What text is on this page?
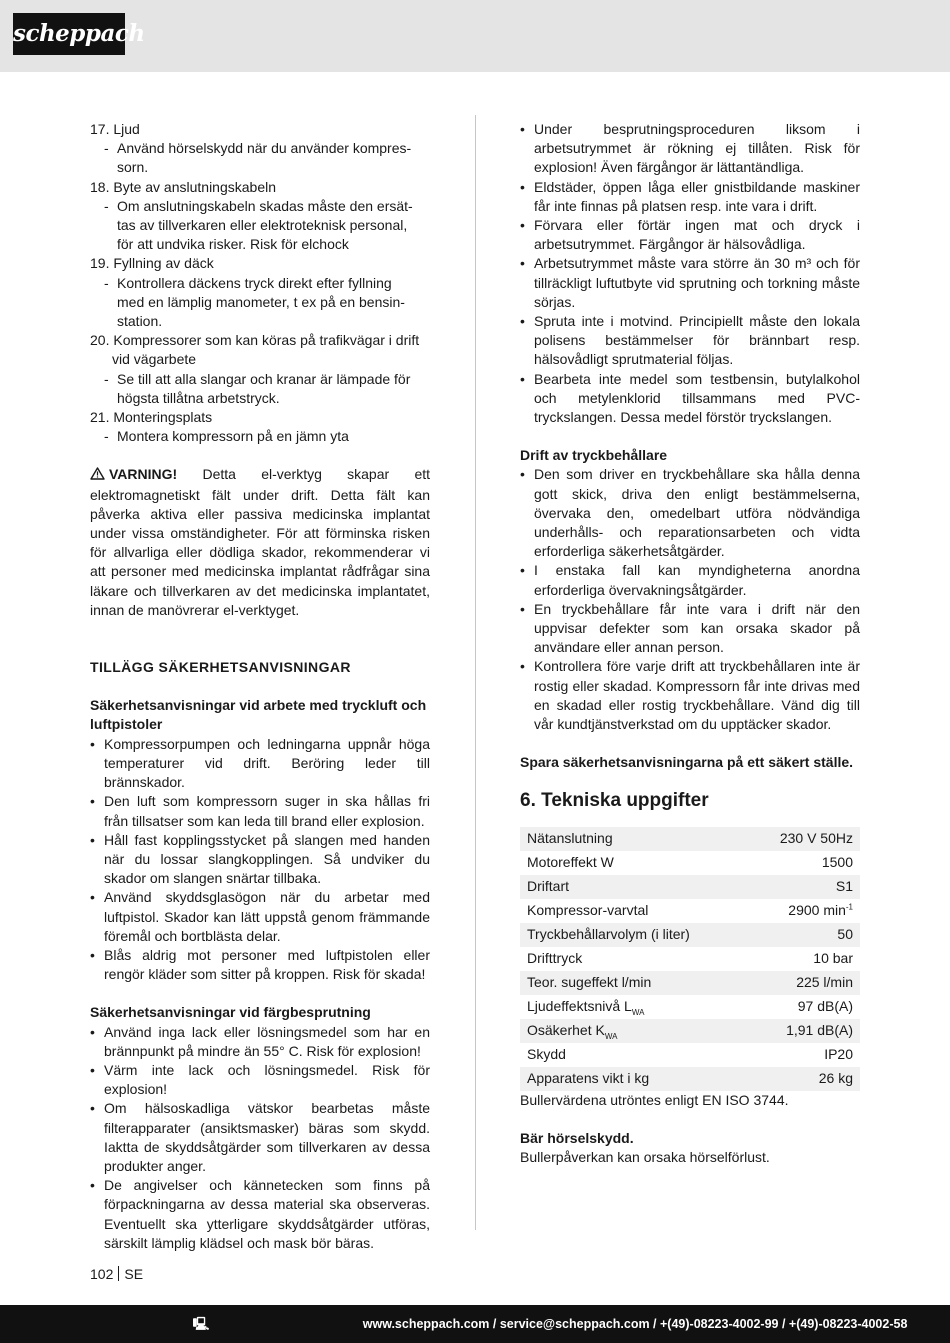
scheppach
17. Ljud
- Använd hörselskydd när du använder kompres-
sorn.
18. Byte av anslutningskabeln
- Om anslutningskabeln skadas måste den ersät-
tas av tillverkaren eller elektroteknisk personal,
för att undvika risker. Risk för elchock
19. Fyllning av däck
- Kontrollera däckens tryck direkt efter fyllning
med en lämplig manometer, t ex på en bensin-
station.
20. Kompressorer som kan köras på trafikvägar i drift
vid vägarbete
- Se till att alla slangar och kranar är lämpade för
högsta tillåtna arbetstryck.
21. Monteringsplats
- Montera kompressorn på en jämn yta
VARNING! Detta el-verktyg skapar ett elektromagnetiskt fält under drift. Detta fält kan påverka aktiva eller passiva medicinska implantat under vissa omständigheter. För att förminska risken för allvarliga eller dödliga skador, rekommenderar vi att personer med medicinska implantat rådfrågar sina läkare och tillverkaren av det medicinska implantatet, innan de manövrerar el-verktyget.
TILLÄGG SÄKERHETSANVISNINGAR
Säkerhetsanvisningar vid arbete med tryckluft och luftpistoler
• Kompressorpumpen och ledningarna uppnår höga temperaturer vid drift. Beröring leder till brännskador.
• Den luft som kompressorn suger in ska hållas fri från tillsatser som kan leda till brand eller explosion.
• Håll fast kopplingsstycket på slangen med handen när du lossar slangkopplingen. Så undviker du skador om slangen snärtar tillbaka.
• Använd skyddsglasögon när du arbetar med luftpistol. Skador kan lätt uppstå genom främmande föremål och bortblästa delar.
• Blås aldrig mot personer med luftpistolen eller rengör kläder som sitter på kroppen. Risk för skada!
Säkerhetsanvisningar vid färgbesprutning
• Använd inga lack eller lösningsmedel som har en brännpunkt på mindre än 55° C. Risk för explosion!
• Värm inte lack och lösningsmedel. Risk för explosion!
• Om hälsoskadliga vätskor bearbetas måste filterapparater (ansiktsmasker) bäras som skydd. Iaktta de skyddsåtgärder som tillverkaren av dessa produkter anger.
• De angivelser och kännetecken som finns på förpackningarna av dessa material ska observeras. Eventuellt ska ytterligare skyddsåtgärder utföras, särskilt lämplig klädsel och mask bör bäras.
• Under besprutningsproceduren liksom i arbetsutrymmet är rökning ej tillåten. Risk för explosion! Även färgångor är lättantändliga.
• Eldstäder, öppen låga eller gnistbildande maskiner får inte finnas på platsen resp. inte vara i drift.
• Förvara eller förtär ingen mat och dryck i arbetsutrymmet. Färgångor är hälsovådliga.
• Arbetsutrymmet måste vara större än 30 m³ och för tillräckligt luftutbyte vid sprutning och torkning måste sörjas.
• Spruta inte i motvind. Principiellt måste den lokala polisens bestämmelser för brännbart resp. hälsovådligt sprutmaterial följas.
• Bearbeta inte medel som testbensin, butylalkohol och metylenklorid tillsammans med PVC-tryckslangen. Dessa medel förstör tryckslangen.
Drift av tryckbehållare
• Den som driver en tryckbehållare ska hålla denna gott skick, driva den enligt bestämmelserna, övervaka den, omedelbart utföra nödvändiga underhålls- och reparationsarbeten och vidta erforderliga säkerhetsåtgärder.
• I enstaka fall kan myndigheterna anordna erforderliga övervakningsåtgärder.
• En tryckbehållare får inte vara i drift när den uppvisar defekter som kan orsaka skador på användare eller annan person.
• Kontrollera före varje drift att tryckbehållaren inte är rostig eller skadad. Kompressorn får inte drivas med en skadad eller rostig tryckbehållare. Vänd dig till vår kundtjänstverkstad om du upptäcker skador.
Spara säkerhetsanvisningarna på ett säkert ställe.
6. Tekniska uppgifter
Nätanslutning	230 V 50Hz
Motoreffekt W	1500
Driftart	S1
Kompressor-varvtal	2900 $\min^{-1}$
Tryckbehållarvolym (i liter)	50
Drifttryck	10 bar
Teor. sugeffekt l/min	225 l/min
Ljudeffektsnivå $L_{WA}$	97 dB(A)
Osäkerhet $K_{WA}$	1,91 dB(A)
Skydd	IP20
Apparatens vikt i kg	26 kg
Bullervärdena utröntes enligt EN ISO 3744.
Bär hörselskydd.
Bullerpåverkan kan orsaka hörselförlust.
102 SE
🖳	www.scheppach.com / service@scheppach.com / +(49)-08223-4002-99 / +(49)-08223-4002-58
